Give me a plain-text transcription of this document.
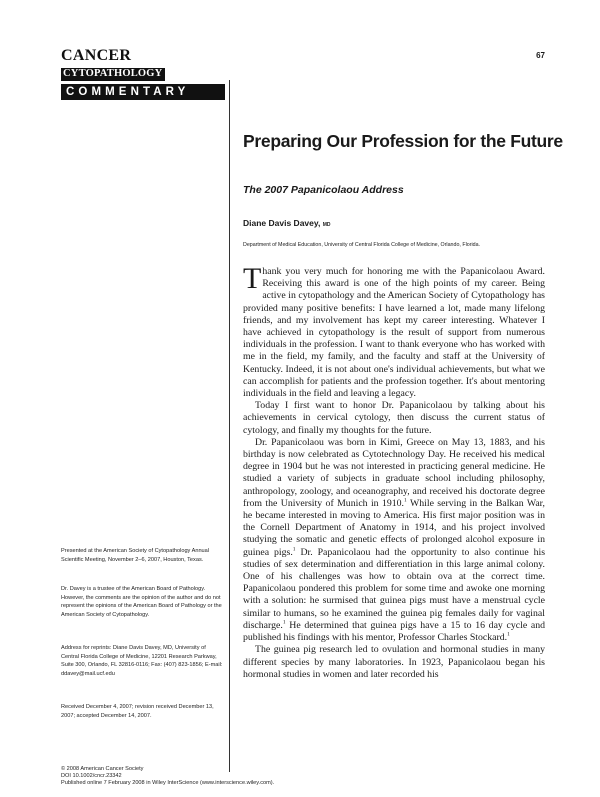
CANCER
CYTOPATHOLOGY
COMMENTARY
67
Preparing Our Profession for the Future
The 2007 Papanicolaou Address
Diane Davis Davey, MD
Department of Medical Education, University of Central Florida College of Medicine, Orlando, Florida.

Thank you very much for honoring me with the Papanicolaou Award. Receiving this award is one of the high points of my career. Being active in cytopathology and the American Society of Cytopathology has provided many positive benefits: I have learned a lot, made many lifelong friends, and my involvement has kept my career interesting. Whatever I have achieved in cytopathology is the result of support from numerous individuals in the profession. I want to thank everyone who has worked with me in the field, my family, and the faculty and staff at the University of Kentucky. Indeed, it is not about one's individual achievements, but what we can accomplish for patients and the profession together. It's about mentoring individuals in the field and leaving a legacy.

Today I first want to honor Dr. Papanicolaou by talking about his achievements in cervical cytology, then discuss the current status of cytology, and finally my thoughts for the future.

Dr. Papanicolaou was born in Kimi, Greece on May 13, 1883, and his birthday is now celebrated as Cytotechnology Day. He received his medical degree in 1904 but he was not interested in practicing general medicine. He studied a variety of subjects in graduate school including philosophy, anthropology, zoology, and oceanography, and received his doctorate degree from the University of Munich in 1910.$^1$ While serving in the Balkan War, he became interested in moving to America. His first major position was in the Cornell Department of Anatomy in 1914, and his project involved studying the somatic and genetic effects of prolonged alcohol exposure in guinea pigs.$^1$ Dr. Papanicolaou had the opportunity to also continue his studies of sex determination and differentiation in this large animal colony. One of his challenges was how to obtain ova at the correct time. Papanicolaou pondered this problem for some time and awoke one morning with a solution: he surmised that guinea pigs must have a menstrual cycle similar to humans, so he examined the guinea pig females daily for vaginal discharge.$^1$ He determined that guinea pigs have a 15 to 16 day cycle and published his findings with his mentor, Professor Charles Stockard.$^1$

The guinea pig research led to ovulation and hormonal studies in many different species by many laboratories. In 1923, Papanicolaou began his hormonal studies in women and later recorded his

Presented at the American Society of Cytopathology Annual Scientific Meeting, November 2–6, 2007, Houston, Texas.

Dr. Davey is a trustee of the American Board of Pathology. However, the comments are the opinion of the author and do not represent the opinions of the American Board of Pathology or the American Society of Cytopathology.

Address for reprints: Diane Davis Davey, MD, University of Central Florida College of Medicine, 12201 Research Parkway, Suite 300, Orlando, FL 32816-0116; Fax: (407) 823-1856; E-mail: ddavey@mail.ucf.edu

Received December 4, 2007; revision received December 13, 2007; accepted December 14, 2007.

© 2008 American Cancer Society
DOI 10.1002/cncr.23342
Published online 7 February 2008 in Wiley InterScience (www.interscience.wiley.com).
